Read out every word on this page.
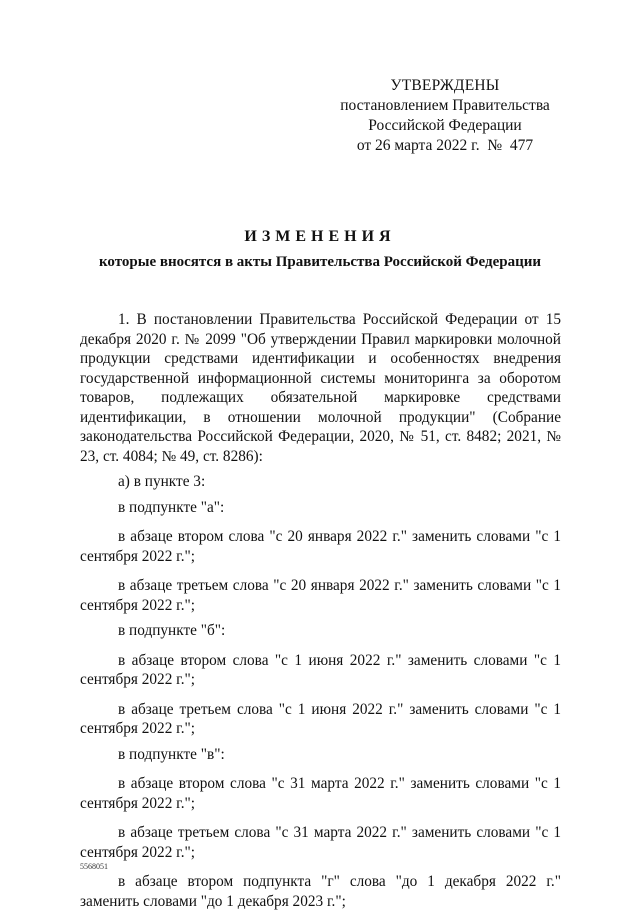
УТВЕРЖДЕНЫ
постановлением Правительства
Российской Федерации
от 26 марта 2022 г.  №  477
ИЗМЕНЕНИЯ
которые вносятся в акты Правительства Российской Федерации

1. В постановлении Правительства Российской Федерации от 15 декабря 2020 г. № 2099 "Об утверждении Правил маркировки молочной продукции средствами идентификации и особенностях внедрения государственной информационной системы мониторинга за оборотом товаров, подлежащих обязательной маркировке средствами идентификации, в отношении молочной продукции" (Собрание законодательства Российской Федерации, 2020, № 51, ст. 8482; 2021, № 23, ст. 4084; № 49, ст. 8286):

а) в пункте 3:

в подпункте "а":

в абзаце втором слова "с 20 января 2022 г." заменить словами "с 1 сентября 2022 г.";

в абзаце третьем слова "с 20 января 2022 г." заменить словами "с 1 сентября 2022 г.";

в подпункте "б":

в абзаце втором слова "с 1 июня 2022 г." заменить словами "с 1 сентября 2022 г.";

в абзаце третьем слова "с 1 июня 2022 г." заменить словами "с 1 сентября 2022 г.";

в подпункте "в":

в абзаце втором слова "с 31 марта 2022 г." заменить словами "с 1 сентября 2022 г.";

в абзаце третьем слова "с 31 марта 2022 г." заменить словами "с 1 сентября 2022 г.";

в абзаце втором подпункта "г" слова "до 1 декабря 2022 г." заменить словами "до 1 декабря 2023 г.";

5568051
